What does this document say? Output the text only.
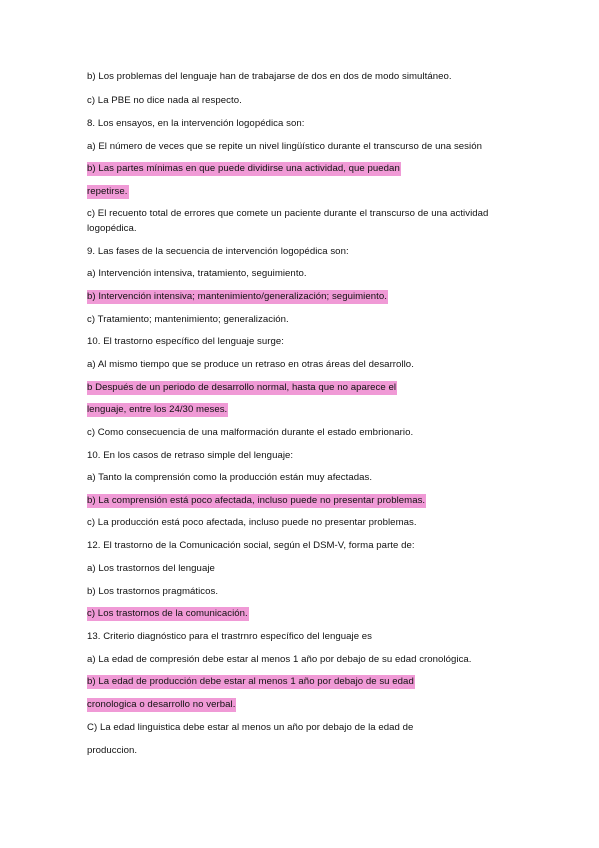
b) Los problemas del lenguaje han de trabajarse de dos en dos de modo simultáneo.
c) La PBE no dice nada al respecto.
8. Los ensayos, en la intervención logopédica son:
a) El número de veces que se repite un nivel lingüístico durante el transcurso de una sesión
b) Las partes mínimas en que puede dividirse una actividad, que puedan
repetirse.
c) El recuento total de errores que comete un paciente durante el transcurso de una actividad
logopédica.
9. Las fases de la secuencia de intervención logopédica son:
a) Intervención intensiva, tratamiento, seguimiento.
b) Intervención intensiva; mantenimiento/generalización; seguimiento.
c) Tratamiento; mantenimiento; generalización.
10. El trastorno específico del lenguaje surge:
a) Al mismo tiempo que se produce un retraso en otras áreas del desarrollo.
b Después de un periodo de desarrollo normal, hasta que no aparece el
lenguaje, entre los 24/30 meses.
c) Como consecuencia de una malformación durante el estado embrionario.
10. En los casos de retraso simple del lenguaje:
a) Tanto la comprensión como la producción están muy afectadas.
b) La comprensión está poco afectada, incluso puede no presentar problemas.
c) La producción está poco afectada, incluso puede no presentar problemas.
12. El trastorno de la Comunicación social, según el DSM-V, forma parte de:
a) Los trastornos del lenguaje
b) Los trastornos pragmáticos.
c) Los trastornos de la comunicación.
13. Criterio diagnóstico para el trastrnro específico del lenguaje es
a) La edad de compresión debe estar al menos 1 año por debajo de su edad cronológica.
b) La edad de producción debe estar al menos 1 año por debajo de su edad
cronologica o desarrollo no verbal.
C) La edad linguistica debe estar al menos un año por debajo de la edad de
produccion.
